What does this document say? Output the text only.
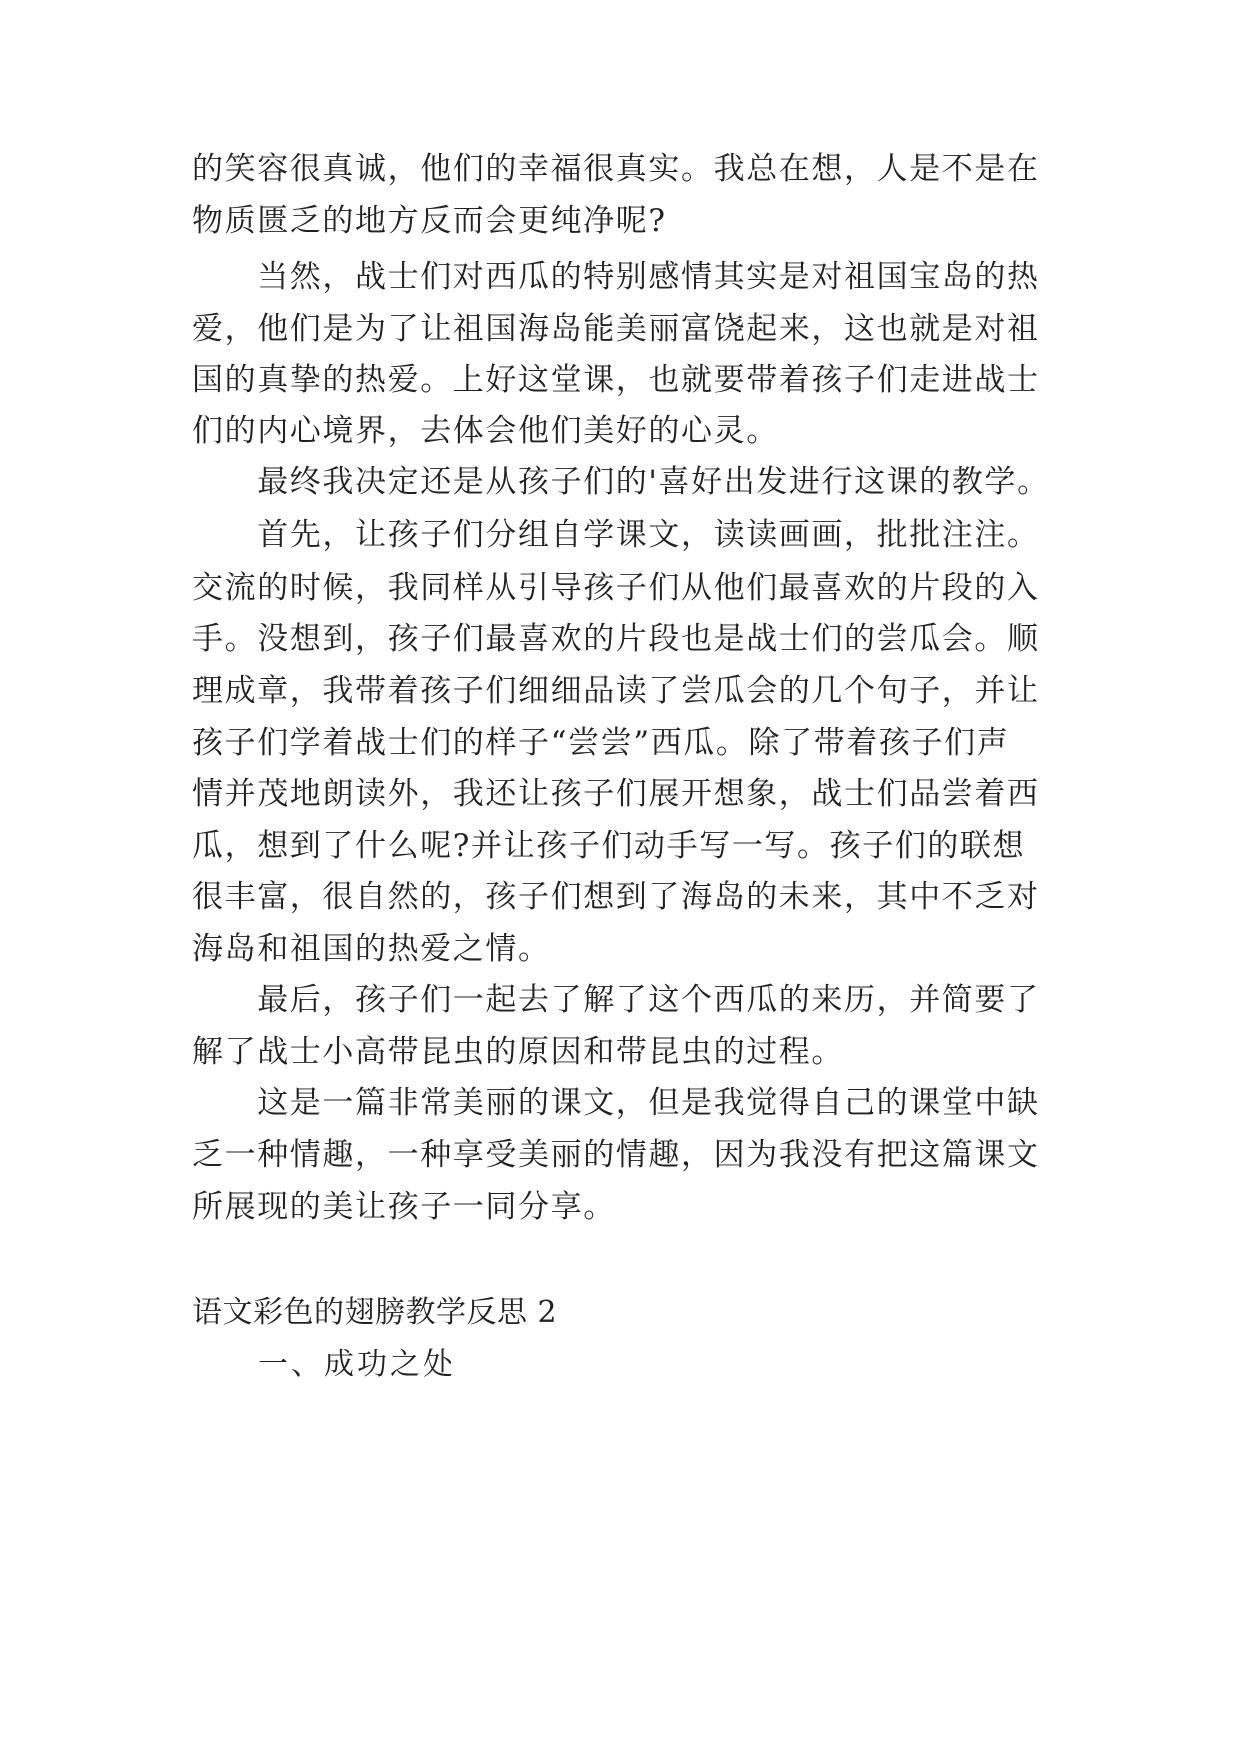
的笑容很真诚，他们的幸福很真实。我总在想，人是不是在
物质匮乏的地方反而会更纯净呢?
　　当然，战士们对西瓜的特别感情其实是对祖国宝岛的热
爱，他们是为了让祖国海岛能美丽富饶起来，这也就是对祖
国的真挚的热爱。上好这堂课，也就要带着孩子们走进战士
们的内心境界，去体会他们美好的心灵。
　　最终我决定还是从孩子们的'喜好出发进行这课的教学。
　　首先，让孩子们分组自学课文，读读画画，批批注注。
交流的时候，我同样从引导孩子们从他们最喜欢的片段的入
手。没想到，孩子们最喜欢的片段也是战士们的尝瓜会。顺
理成章，我带着孩子们细细品读了尝瓜会的几个句子，并让
孩子们学着战士们的样子“尝尝”西瓜。除了带着孩子们声
情并茂地朗读外，我还让孩子们展开想象，战士们品尝着西
瓜，想到了什么呢?并让孩子们动手写一写。孩子们的联想
很丰富，很自然的，孩子们想到了海岛的未来，其中不乏对
海岛和祖国的热爱之情。
　　最后，孩子们一起去了解了这个西瓜的来历，并简要了
解了战士小高带昆虫的原因和带昆虫的过程。
　　这是一篇非常美丽的课文，但是我觉得自己的课堂中缺
乏一种情趣，一种享受美丽的情趣，因为我没有把这篇课文
所展现的美让孩子一同分享。
语文彩色的翅膀教学反思 2
一、成功之处
